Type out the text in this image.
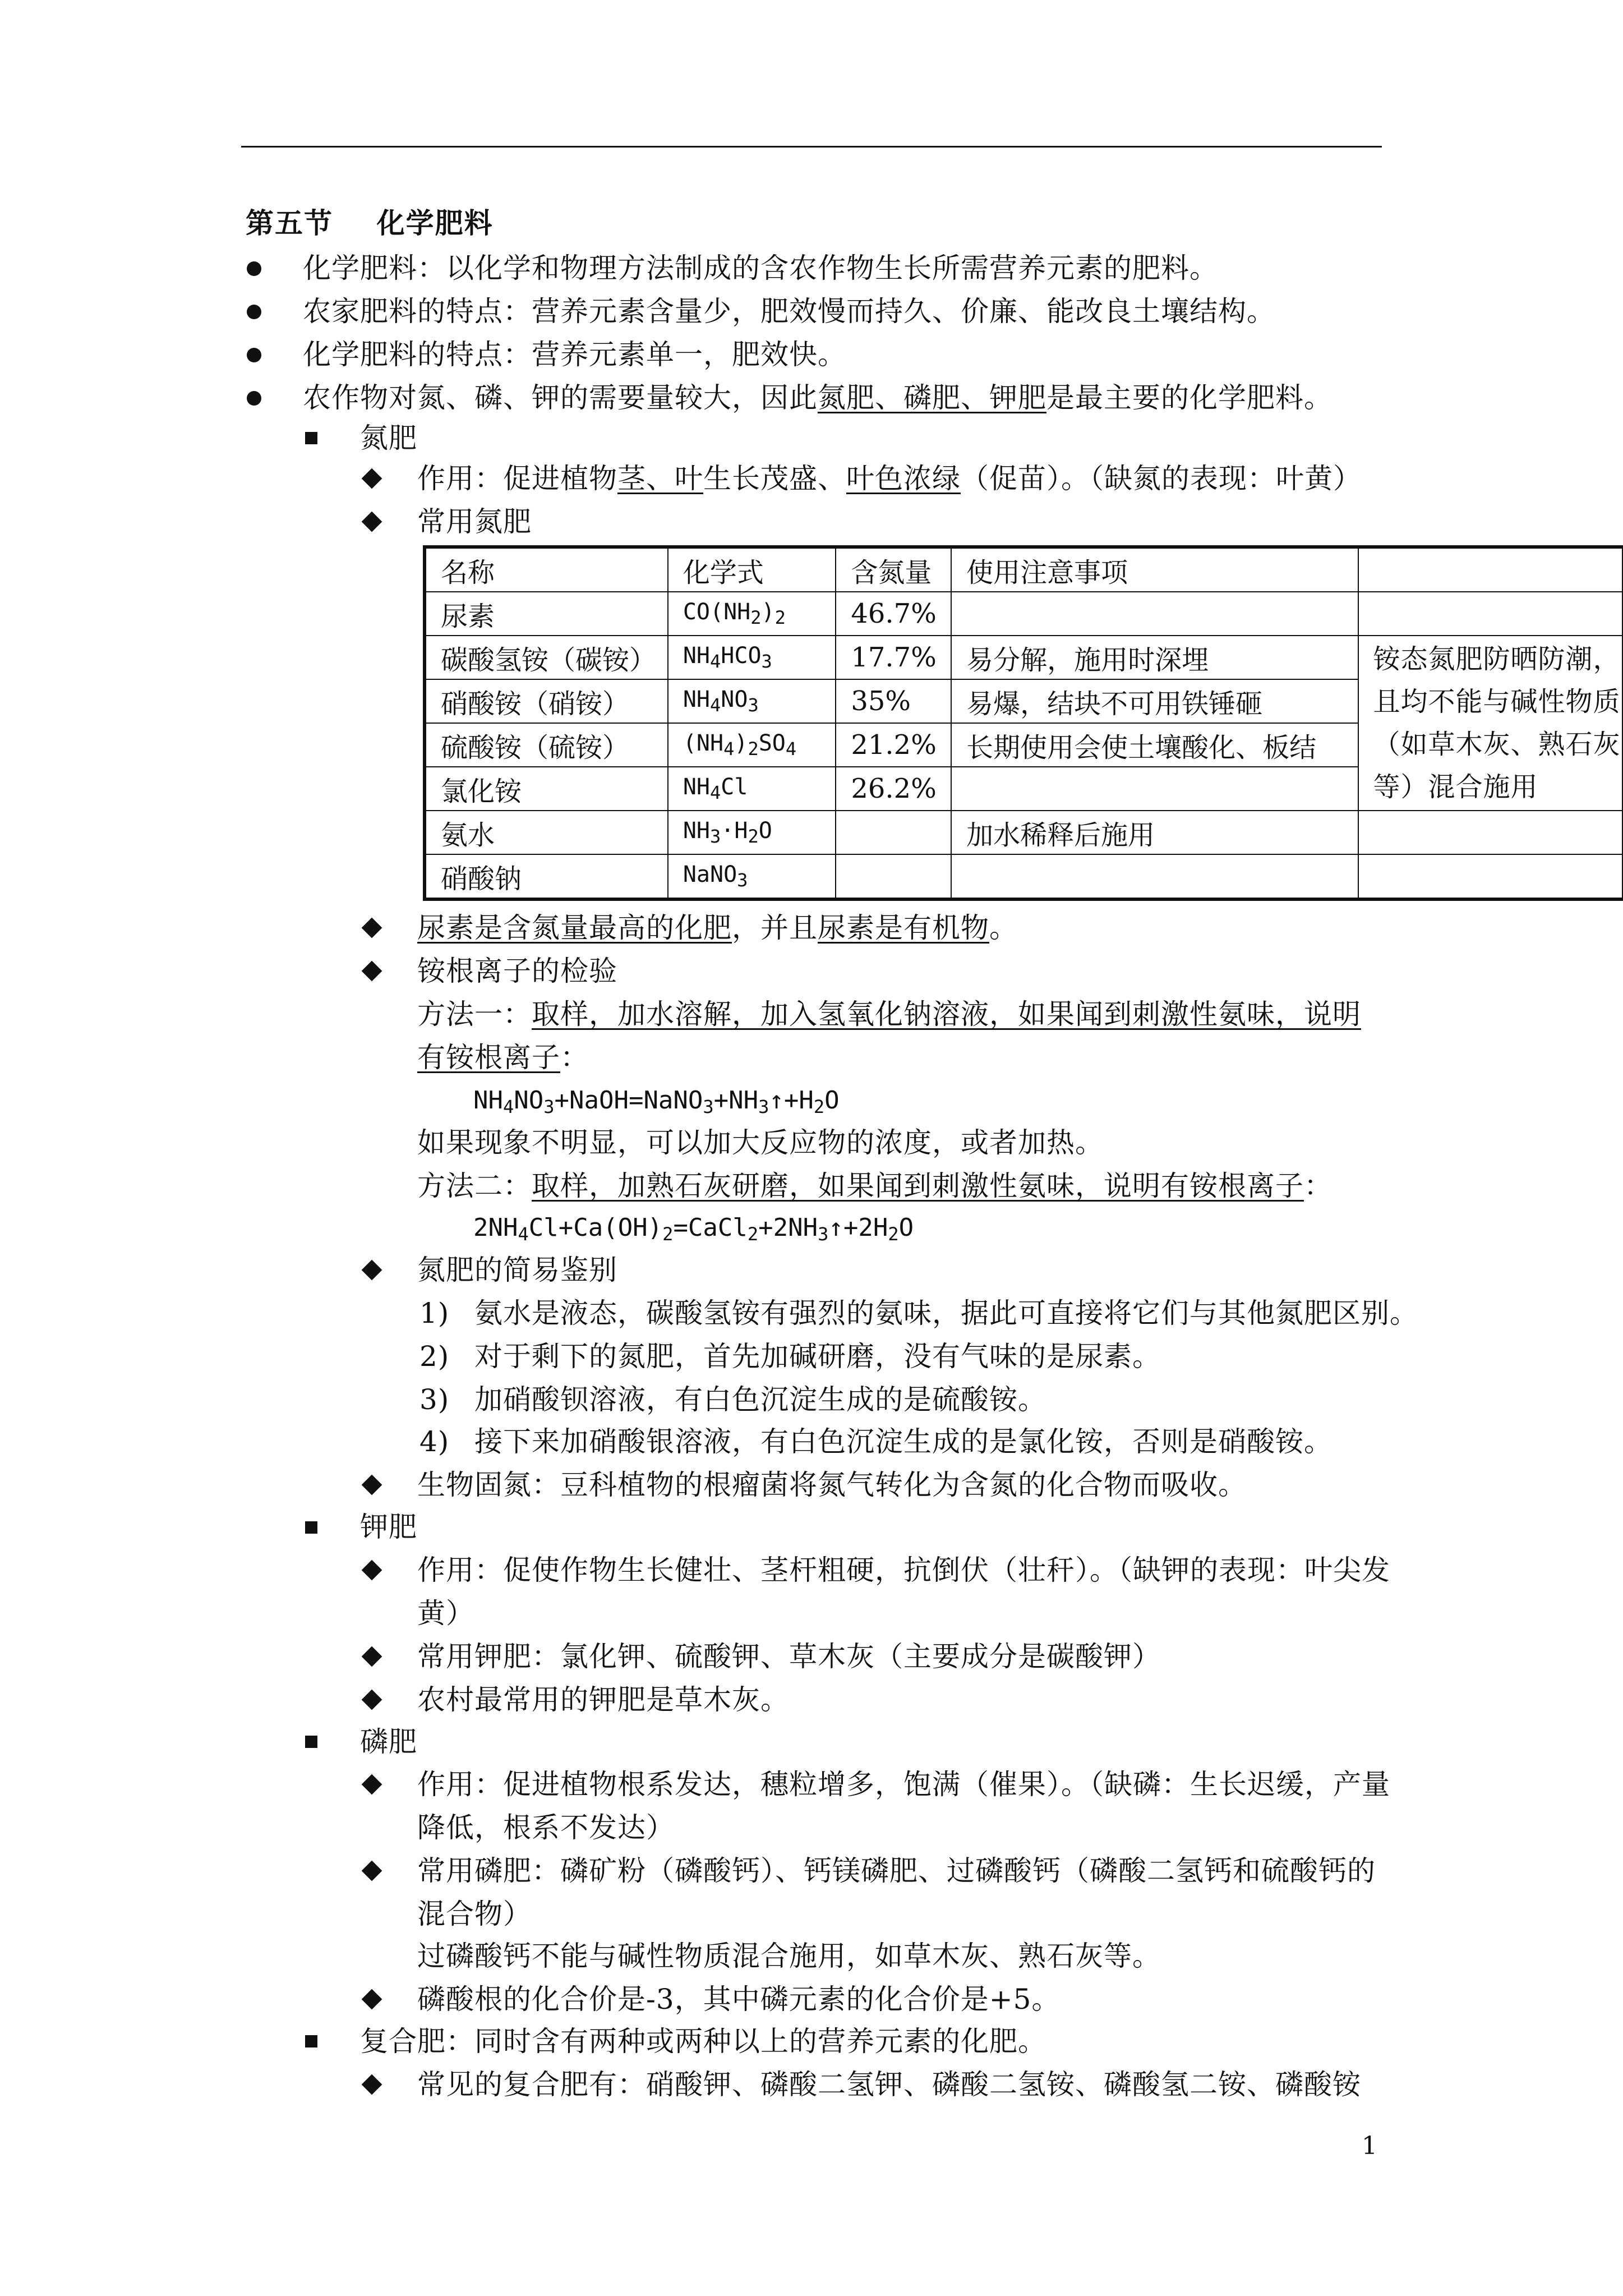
第五节    化学肥料
化学肥料：以化学和物理方法制成的含农作物生长所需营养元素的肥料。
农家肥料的特点：营养元素含量少，肥效慢而持久、价廉、能改良土壤结构。
化学肥料的特点：营养元素单一，肥效快。
农作物对氮、磷、钾的需要量较大，因此氮肥、磷肥、钾肥是最主要的化学肥料。
氮肥
作用：促进植物茎、叶生长茂盛、叶色浓绿（促苗）。（缺氮的表现：叶黄）
常用氮肥
名称	化学式	含氮量	使用注意事项	
尿素	$CO(NH_2)_2$	46.7%		
碳酸氢铵（碳铵）	$NH_4HCO_3$	17.7%	易分解，施用时深埋	铵态氮肥防晒防潮，且均不能与碱性物质（如草木灰、熟石灰等）混合施用
硝酸铵（硝铵）	$NH_4NO_3$	35%	易爆，结块不可用铁锤砸	
硫酸铵（硫铵）	$(NH_4)_2SO_4$	21.2%	长期使用会使土壤酸化、板结	
氯化铵	$NH_4Cl$	26.2%		
氨水	$NH_3\cdot H_2O$		加水稀释后施用	
硝酸钠	NaNO$_3$			
尿素是含氮量最高的化肥，并且尿素是有机物。
铵根离子的检验
方法一：取样，加水溶解，加入氢氧化钠溶液，如果闻到刺激性氨味，说明
有铵根离子：
$NH_4NO_3+NaOH=NaNO_3+NH_3↑+H_2O$
如果现象不明显，可以加大反应物的浓度，或者加热。
方法二：取样，加熟石灰研磨，如果闻到刺激性氨味，说明有铵根离子：
$2NH_4Cl+Ca(OH)_2=CaCl_2+2NH_3↑+2H_2O$
氮肥的简易鉴别
1) 氨水是液态，碳酸氢铵有强烈的氨味，据此可直接将它们与其他氮肥区别。
2) 对于剩下的氮肥，首先加碱研磨，没有气味的是尿素。
3) 加硝酸钡溶液，有白色沉淀生成的是硫酸铵。
4) 接下来加硝酸银溶液，有白色沉淀生成的是氯化铵，否则是硝酸铵。
生物固氮：豆科植物的根瘤菌将氮气转化为含氮的化合物而吸收。
钾肥
作用：促使作物生长健壮、茎杆粗硬，抗倒伏（壮秆）。（缺钾的表现：叶尖发
黄）
常用钾肥：氯化钾、硫酸钾、草木灰（主要成分是碳酸钾）
农村最常用的钾肥是草木灰。
磷肥
作用：促进植物根系发达，穗粒增多，饱满（催果）。（缺磷：生长迟缓，产量
降低，根系不发达）
常用磷肥：磷矿粉（磷酸钙）、钙镁磷肥、过磷酸钙（磷酸二氢钙和硫酸钙的
混合物）
过磷酸钙不能与碱性物质混合施用，如草木灰、熟石灰等。
磷酸根的化合价是-3，其中磷元素的化合价是+5。
复合肥：同时含有两种或两种以上的营养元素的化肥。
常见的复合肥有：硝酸钾、磷酸二氢钾、磷酸二氢铵、磷酸氢二铵、磷酸铵
1
